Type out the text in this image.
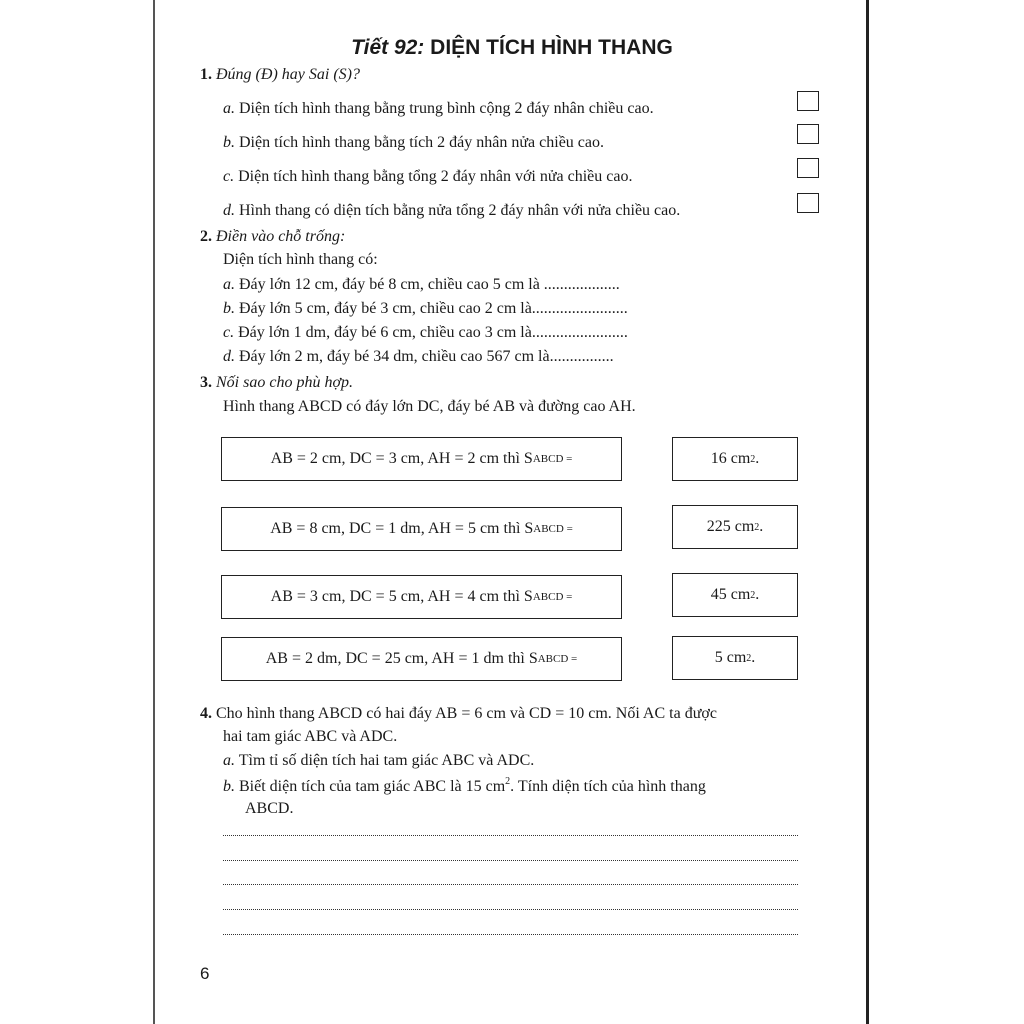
Tiết 92: DIỆN TÍCH HÌNH THANG
1. Đúng (Đ) hay Sai (S)?
a. Diện tích hình thang bằng trung bình cộng 2 đáy nhân chiều cao.
b. Diện tích hình thang bằng tích 2 đáy nhân nửa chiều cao.
c. Diện tích hình thang bằng tổng 2 đáy nhân với nửa chiều cao.
d. Hình thang có diện tích bằng nửa tổng 2 đáy nhân với nửa chiều cao.
2. Điền vào chỗ trống:
Diện tích hình thang có:
a. Đáy lớn 12 cm, đáy bé 8 cm, chiều cao 5 cm là ...................
b. Đáy lớn 5 cm, đáy bé 3 cm, chiều cao 2 cm là........................
c. Đáy lớn 1 dm, đáy bé 6 cm, chiều cao 3 cm là........................
d. Đáy lớn 2 m, đáy bé 34 dm, chiều cao 567 cm là................
3. Nối sao cho phù hợp.
Hình thang ABCD có đáy lớn DC, đáy bé AB và đường cao AH.
AB = 2 cm, DC = 3 cm, AH = 2 cm thì S ABCD =
AB = 8 cm, DC = 1 dm, AH = 5 cm thì S ABCD =
AB = 3 cm, DC = 5 cm, AH = 4 cm thì S ABCD =
AB = 2 dm, DC = 25 cm, AH = 1 dm thì S ABCD =
16 cm 2 .
225 cm 2 .
45 cm 2 .
5 cm 2 .
4. Cho hình thang ABCD có hai đáy AB = 6 cm và CD = 10 cm. Nối AC ta được
hai tam giác ABC và ADC.
a. Tìm tỉ số diện tích hai tam giác ABC và ADC.
b. Biết diện tích của tam giác ABC là 15 $cm^2$. Tính diện tích của hình thang
ABCD.
6
